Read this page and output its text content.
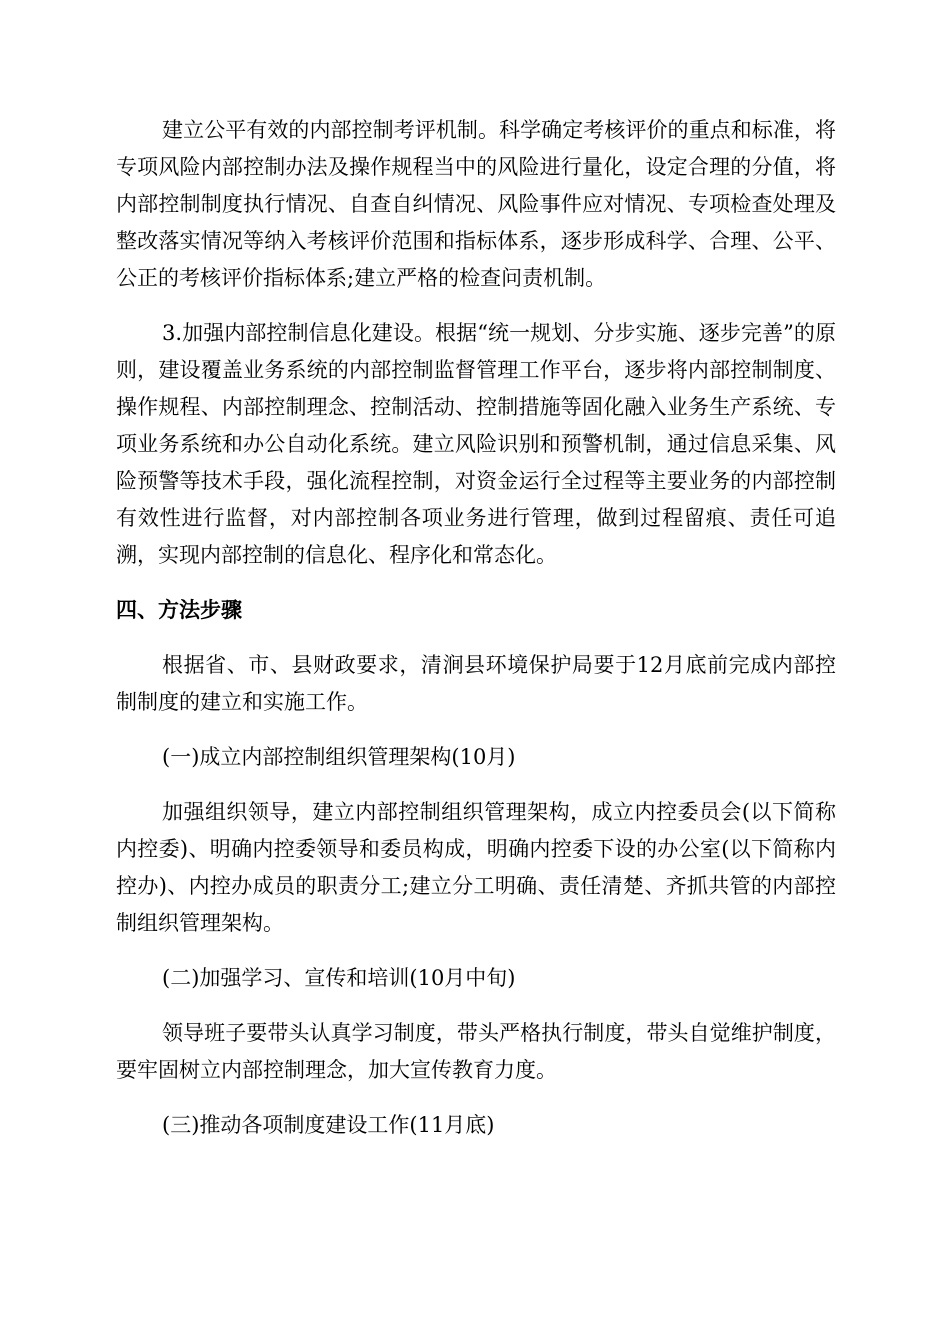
建立公平有效的内部控制考评机制。科学确定考核评价的重点和标准，将专项风险内部控制办法及操作规程当中的风险进行量化，设定合理的分值，将内部控制制度执行情况、自查自纠情况、风险事件应对情况、专项检查处理及整改落实情况等纳入考核评价范围和指标体系，逐步形成科学、合理、公平、公正的考核评价指标体系;建立严格的检查问责机制。

3.加强内部控制信息化建设。根据“统一规划、分步实施、逐步完善”的原则，建设覆盖业务系统的内部控制监督管理工作平台，逐步将内部控制制度、操作规程、内部控制理念、控制活动、控制措施等固化融入业务生产系统、专项业务系统和办公自动化系统。建立风险识别和预警机制，通过信息采集、风险预警等技术手段，强化流程控制，对资金运行全过程等主要业务的内部控制有效性进行监督，对内部控制各项业务进行管理，做到过程留痕、责任可追溯，实现内部控制的信息化、程序化和常态化。

四、方法步骤

根据省、市、县财政要求，清涧县环境保护局要于12月底前完成内部控制制度的建立和实施工作。

(一)成立内部控制组织管理架构(10月)

加强组织领导，建立内部控制组织管理架构，成立内控委员会(以下简称内控委)、明确内控委领导和委员构成，明确内控委下设的办公室(以下简称内控办)、内控办成员的职责分工;建立分工明确、责任清楚、齐抓共管的内部控制组织管理架构。

(二)加强学习、宣传和培训(10月中旬)

领导班子要带头认真学习制度，带头严格执行制度，带头自觉维护制度，要牢固树立内部控制理念，加大宣传教育力度。

(三)推动各项制度建设工作(11月底)
